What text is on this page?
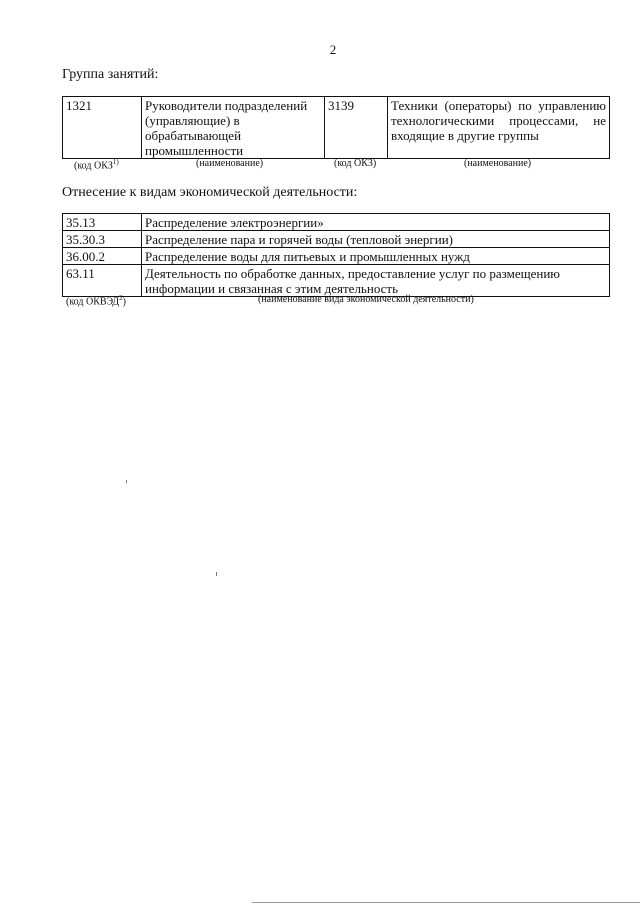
2
Группа занятий:
1321	Руководители подразделений (управляющие) в обрабатывающей промышленности	3139	Техники (операторы) по управлению технологическими процессами, не входящие в другие группы
(код ОКЗ$^{1)}$	(наименование)	(код ОКЗ)	(наименование)
Отнесение к видам экономической деятельности:
35.13	Распределение электроэнергии»
35.30.3	Распределение пара и горячей воды (тепловой энергии)
36.00.2	Распределение воды для питьевых и промышленных нужд
63.11	Деятельность по обработке данных, предоставление услуг по размещению информации и связанная с этим деятельность
(код ОКВЭД$^2$)	(наименование вида экономической деятельности)
